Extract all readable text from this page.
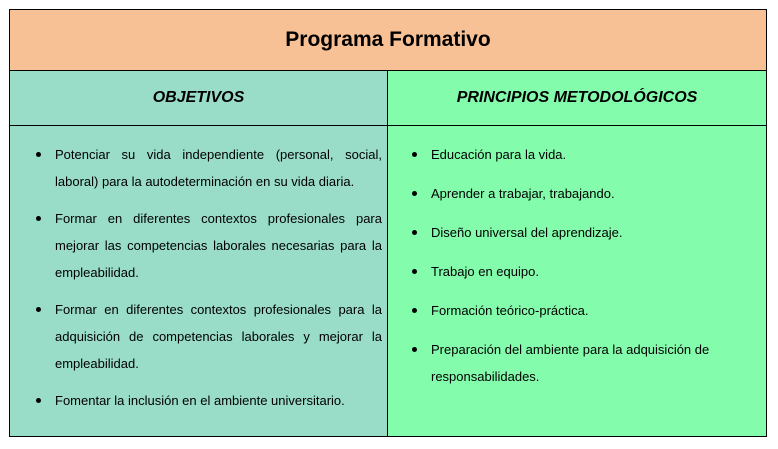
Programa Formativo
OBJETIVOS	PRINCIPIOS METODOLÓGICOS
Potenciar su vida independiente (personal, social, laboral) para la autodeterminación en su vida diaria.
Formar en diferentes contextos profesionales para mejorar las competencias laborales necesarias para la empleabilidad.
Formar en diferentes contextos profesionales para la adquisición de competencias laborales y mejorar la empleabilidad.
Fomentar la inclusión en el ambiente universitario.
Educación para la vida.
Aprender a trabajar, trabajando.
Diseño universal del aprendizaje.
Trabajo en equipo.
Formación teórico-práctica.
Preparación del ambiente para la adquisición de responsabilidades.
